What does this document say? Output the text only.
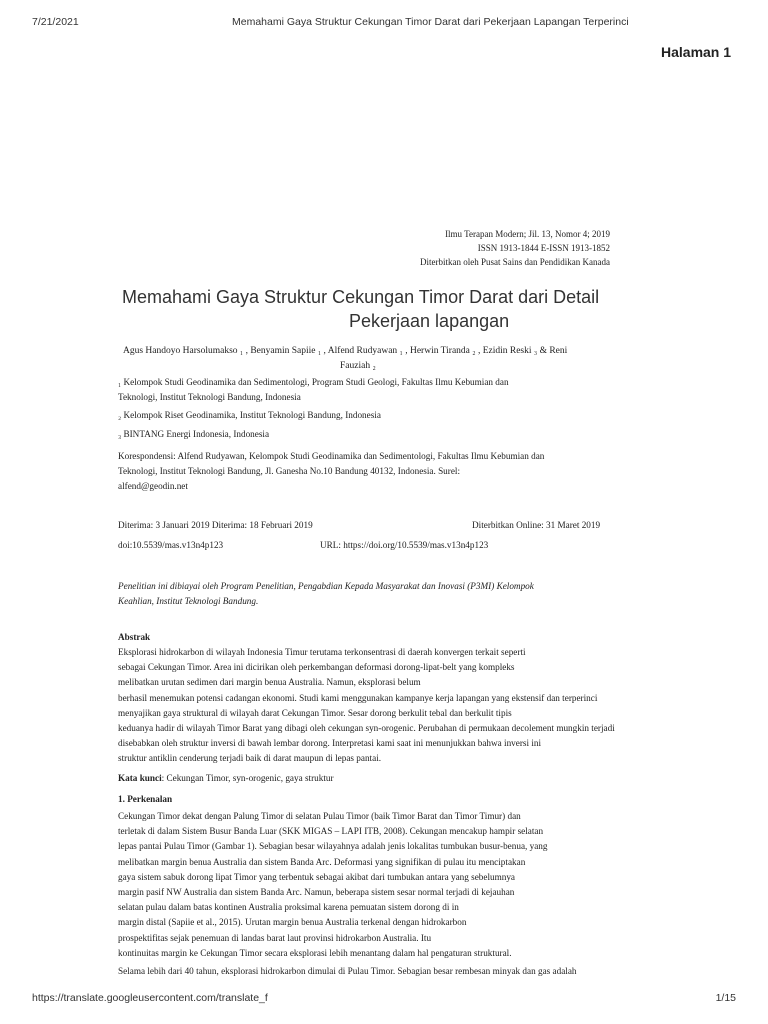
7/21/2021	Memahami Gaya Struktur Cekungan Timor Darat dari Pekerjaan Lapangan Terperinci
Halaman 1
Ilmu Terapan Modern; Jil. 13, Nomor 4; 2019
ISSN 1913-1844 E-ISSN 1913-1852
Diterbitkan oleh Pusat Sains dan Pendidikan Kanada
Memahami Gaya Struktur Cekungan Timor Darat dari Detail
Pekerjaan lapangan
Agus Handoyo Harsolumakso ₁ , Benyamin Sapiie ₁ , Alfend Rudyawan ₁ , Herwin Tiranda ₂ , Ezidin Reski ₃ & Reni
Fauziah ₂
₁ Kelompok Studi Geodinamika dan Sedimentologi, Program Studi Geologi, Fakultas Ilmu Kebumian dan
Teknologi, Institut Teknologi Bandung, Indonesia
₂ Kelompok Riset Geodinamika, Institut Teknologi Bandung, Indonesia
₃ BINTANG Energi Indonesia, Indonesia
Korespondensi: Alfend Rudyawan, Kelompok Studi Geodinamika dan Sedimentologi, Fakultas Ilmu Kebumian dan
Teknologi, Institut Teknologi Bandung, Jl. Ganesha No.10 Bandung 40132, Indonesia. Surel:
alfend@geodin.net
Diterima: 3 Januari 2019 Diterima: 18 Februari 2019	Diterbitkan Online: 31 Maret 2019
doi:10.5539/mas.v13n4p123	URL: https://doi.org/10.5539/mas.v13n4p123
Penelitian ini dibiayai oleh Program Penelitian, Pengabdian Kepada Masyarakat dan Inovasi (P3MI) Kelompok
Keahlian, Institut Teknologi Bandung.
Abstrak
Eksplorasi hidrokarbon di wilayah Indonesia Timur terutama terkonsentrasi di daerah konvergen terkait seperti
sebagai Cekungan Timor. Area ini dicirikan oleh perkembangan deformasi dorong-lipat-belt yang kompleks
melibatkan urutan sedimen dari margin benua Australia. Namun, eksplorasi belum
berhasil menemukan potensi cadangan ekonomi. Studi kami menggunakan kampanye kerja lapangan yang ekstensif dan terperinci
menyajikan gaya struktural di wilayah darat Cekungan Timor. Sesar dorong berkulit tebal dan berkulit tipis
keduanya hadir di wilayah Timor Barat yang dibagi oleh cekungan syn-orogenic. Perubahan di permukaan decolement mungkin terjadi
disebabkan oleh struktur inversi di bawah lembar dorong. Interpretasi kami saat ini menunjukkan bahwa inversi ini
struktur antiklin cenderung terjadi baik di darat maupun di lepas pantai.
Kata kunci: Cekungan Timor, syn-orogenic, gaya struktur
1. Perkenalan
Cekungan Timor dekat dengan Palung Timor di selatan Pulau Timor (baik Timor Barat dan Timor Timur) dan
terletak di dalam Sistem Busur Banda Luar (SKK MIGAS – LAPI ITB, 2008). Cekungan mencakup hampir selatan
lepas pantai Pulau Timor (Gambar 1). Sebagian besar wilayahnya adalah jenis lokalitas tumbukan busur-benua, yang
melibatkan margin benua Australia dan sistem Banda Arc. Deformasi yang signifikan di pulau itu menciptakan
gaya sistem sabuk dorong lipat Timor yang terbentuk sebagai akibat dari tumbukan antara yang sebelumnya
margin pasif NW Australia dan sistem Banda Arc. Namun, beberapa sistem sesar normal terjadi di kejauhan
selatan pulau dalam batas kontinen Australia proksimal karena pemuatan sistem dorong di in
margin distal (Sapiie et al., 2015). Urutan margin benua Australia terkenal dengan hidrokarbon
prospektifitas sejak penemuan di landas barat laut provinsi hidrokarbon Australia. Itu
kontinuitas margin ke Cekungan Timor secara eksplorasi lebih menantang dalam hal pengaturan struktural.
Selama lebih dari 40 tahun, eksplorasi hidrokarbon dimulai di Pulau Timor. Sebagian besar rembesan minyak dan gas adalah
https://translate.googleusercontent.com/translate_f	1/15
